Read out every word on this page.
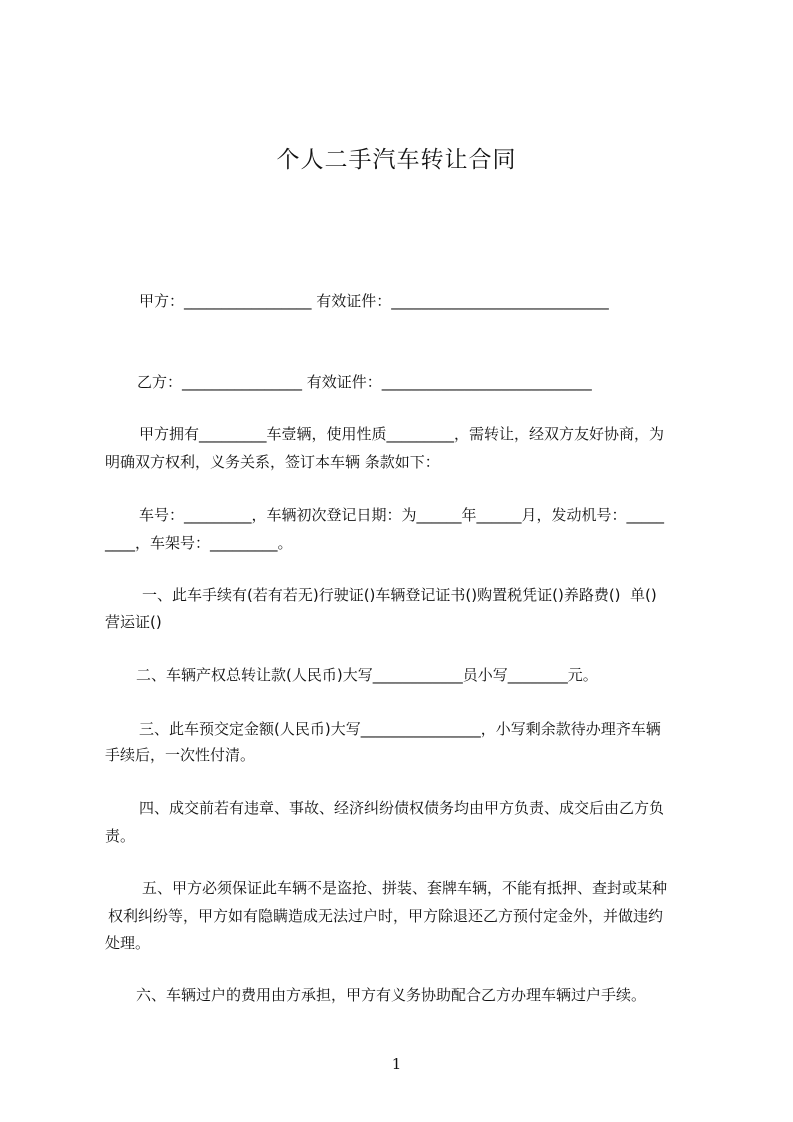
个人二手汽车转让合同
甲方：_________________ 有效证件：_____________________________
乙方：________________ 有效证件：____________________________
甲方拥有_________车壹辆，使用性质_________，需转让，经双方友好协商，为
明确双方权利，义务关系，签订本车辆 条款如下：
车号：_________，车辆初次登记日期：为______年______月，发动机号：_____
____，车架号：_________。
一、此车手续有(若有若无)行驶证()车辆登记证书()购置税凭证()养路费()  单()
营运证()
二、车辆产权总转让款(人民币)大写____________员小写________元。
三、此车预交定金额(人民币)大写________________，小写剩余款待办理齐车辆
手续后，一次性付清。
四、成交前若有违章、事故、经济纠纷债权债务均由甲方负责、成交后由乙方负
责。
五、甲方必须保证此车辆不是盗抢、拼装、套牌车辆，不能有抵押、查封或某种
权利纠纷等，甲方如有隐瞒造成无法过户时，甲方除退还乙方预付定金外，并做违约
处理。
六、车辆过户的费用由方承担，甲方有义务协助配合乙方办理车辆过户手续。
1
